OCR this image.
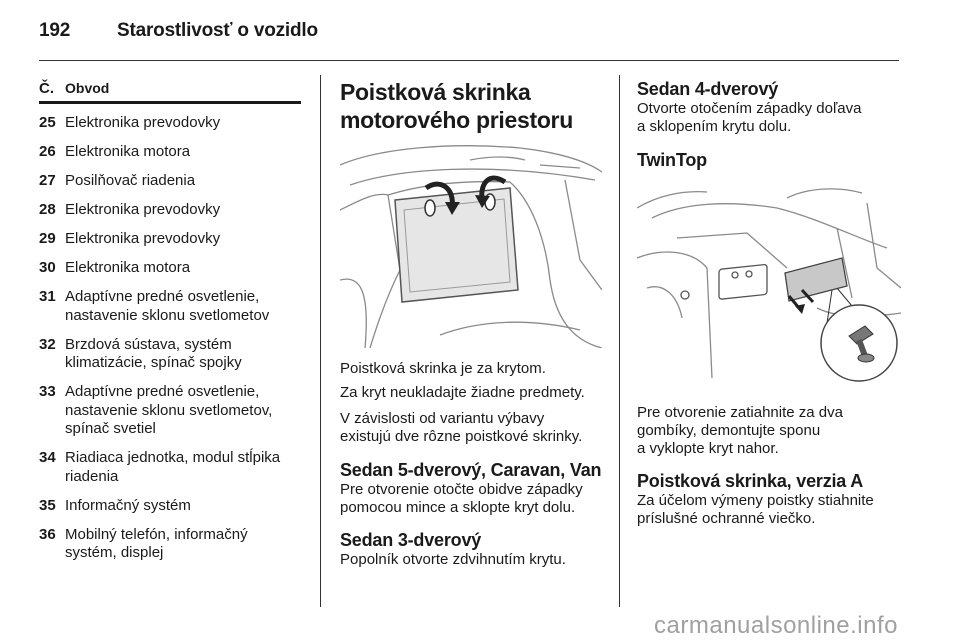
192 Starostlivosť o vozidlo
Č. Obvod
25 Elektronika prevodovky
26 Elektronika motora
27 Posilňovač riadenia
28 Elektronika prevodovky
29 Elektronika prevodovky
30 Elektronika motora
31 Adaptívne predné osvetlenie,
nastavenie sklonu svetlometov
32 Brzdová sústava, systém
klimatizácie, spínač spojky
33 Adaptívne predné osvetlenie,
nastavenie sklonu svetlometov,
spínač svetiel
34 Riadiaca jednotka, modul stĺpika
riadenia
35 Informačný systém
36 Mobilný telefón, informačný
systém, displej
Poistková skrinka
motorového priestoru
Poistková skrinka je za krytom.
Za kryt neukladajte žiadne predmety.
V závislosti od variantu výbavy
existujú dve rôzne poistkové skrinky.
Sedan 5-dverový, Caravan, Van
Pre otvorenie otočte obidve západky
pomocou mince a sklopte kryt dolu.
Sedan 3-dverový
Popolník otvorte zdvihnutím krytu.
Sedan 4-dverový
Otvorte otočením západky doľava
a sklopením krytu dolu.
TwinTop
Pre otvorenie zatiahnite za dva
gombíky, demontujte sponu
a vyklopte kryt nahor.
Poistková skrinka, verzia A
Za účelom výmeny poistky stiahnite
príslušné ochranné viečko.
carmanualsonline.info
